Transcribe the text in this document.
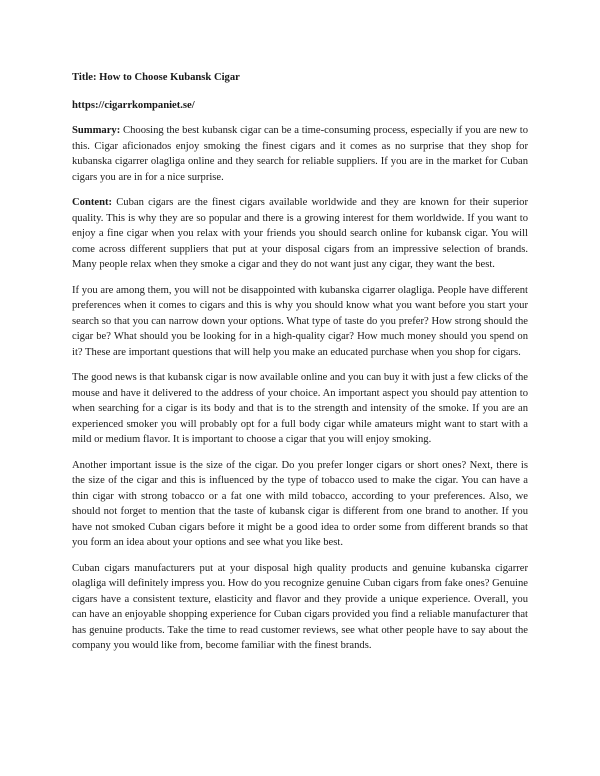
Title: How to Choose Kubansk Cigar
https://cigarrkompaniet.se/

Summary: Choosing the best kubansk cigar can be a time-consuming process, especially if you are new to this. Cigar aficionados enjoy smoking the finest cigars and it comes as no surprise that they shop for kubanska cigarrer olagliga online and they search for reliable suppliers. If you are in the market for Cuban cigars you are in for a nice surprise.

Content: Cuban cigars are the finest cigars available worldwide and they are known for their superior quality. This is why they are so popular and there is a growing interest for them worldwide. If you want to enjoy a fine cigar when you relax with your friends you should search online for kubansk cigar. You will come across different suppliers that put at your disposal cigars from an impressive selection of brands. Many people relax when they smoke a cigar and they do not want just any cigar, they want the best.

If you are among them, you will not be disappointed with kubanska cigarrer olagliga. People have different preferences when it comes to cigars and this is why you should know what you want before you start your search so that you can narrow down your options. What type of taste do you prefer? How strong should the cigar be? What should you be looking for in a high-quality cigar? How much money should you spend on it? These are important questions that will help you make an educated purchase when you shop for cigars.

The good news is that kubansk cigar is now available online and you can buy it with just a few clicks of the mouse and have it delivered to the address of your choice. An important aspect you should pay attention to when searching for a cigar is its body and that is to the strength and intensity of the smoke. If you are an experienced smoker you will probably opt for a full body cigar while amateurs might want to start with a mild or medium flavor. It is important to choose a cigar that you will enjoy smoking.

Another important issue is the size of the cigar. Do you prefer longer cigars or short ones? Next, there is the size of the cigar and this is influenced by the type of tobacco used to make the cigar. You can have a thin cigar with strong tobacco or a fat one with mild tobacco, according to your preferences. Also, we should not forget to mention that the taste of kubansk cigar is different from one brand to another. If you have not smoked Cuban cigars before it might be a good idea to order some from different brands so that you form an idea about your options and see what you like best.

Cuban cigars manufacturers put at your disposal high quality products and genuine kubanska cigarrer olagliga will definitely impress you. How do you recognize genuine Cuban cigars from fake ones? Genuine cigars have a consistent texture, elasticity and flavor and they provide a unique experience. Overall, you can have an enjoyable shopping experience for Cuban cigars provided you find a reliable manufacturer that has genuine products. Take the time to read customer reviews, see what other people have to say about the company you would like from, become familiar with the finest brands.
